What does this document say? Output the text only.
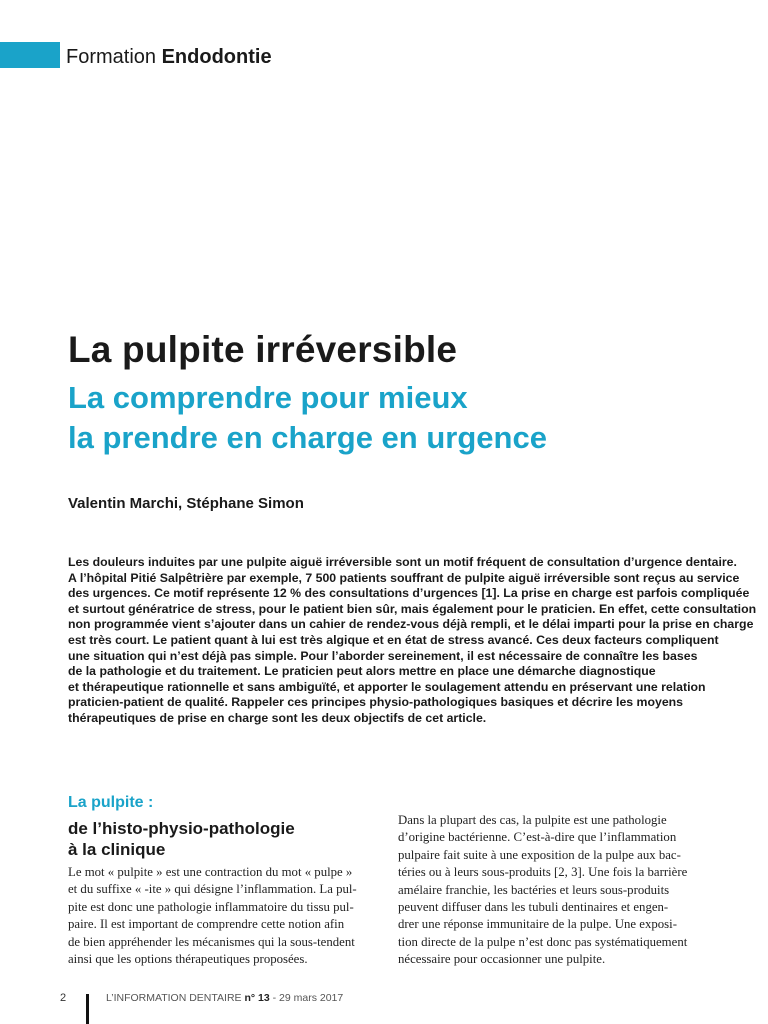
Formation Endodontie
La pulpite irréversible
La comprendre pour mieux
la prendre en charge en urgence
Valentin Marchi, Stéphane Simon
Les douleurs induites par une pulpite aiguë irréversible sont un motif fréquent de consultation d’urgence dentaire.
A l’hôpital Pitié Salpêtrière par exemple, 7 500 patients souffrant de pulpite aiguë irréversible sont reçus au service
des urgences. Ce motif représente 12 % des consultations d’urgences [1]. La prise en charge est parfois compliquée
et surtout génératrice de stress, pour le patient bien sûr, mais également pour le praticien. En effet, cette consultation
non programmée vient s’ajouter dans un cahier de rendez-vous déjà rempli, et le délai imparti pour la prise en charge
est très court. Le patient quant à lui est très algique et en état de stress avancé. Ces deux facteurs compliquent
une situation qui n’est déjà pas simple. Pour l’aborder sereinement, il est nécessaire de connaître les bases
de la pathologie et du traitement. Le praticien peut alors mettre en place une démarche diagnostique
et thérapeutique rationnelle et sans ambiguïté, et apporter le soulagement attendu en préservant une relation
praticien-patient de qualité. Rappeler ces principes physio-pathologiques basiques et décrire les moyens
thérapeutiques de prise en charge sont les deux objectifs de cet article.
La pulpite :
de l’histo-physio-pathologie
à la clinique
Le mot « pulpite » est une contraction du mot « pulpe »
et du suffixe « -ite » qui désigne l’inflammation. La pul-
pite est donc une pathologie inflammatoire du tissu pul-
paire. Il est important de comprendre cette notion afin
de bien appréhender les mécanismes qui la sous-tendent
ainsi que les options thérapeutiques proposées.
Dans la plupart des cas, la pulpite est une pathologie
d’origine bactérienne. C’est-à-dire que l’inflammation
pulpaire fait suite à une exposition de la pulpe aux bac-
téries ou à leurs sous-produits [2, 3]. Une fois la barrière
amélaire franchie, les bactéries et leurs sous-produits
peuvent diffuser dans les tubuli dentinaires et engen-
drer une réponse immunitaire de la pulpe. Une exposi-
tion directe de la pulpe n’est donc pas systématiquement
nécessaire pour occasionner une pulpite.
2	L’INFORMATION DENTAIRE n° 13 - 29 mars 2017
